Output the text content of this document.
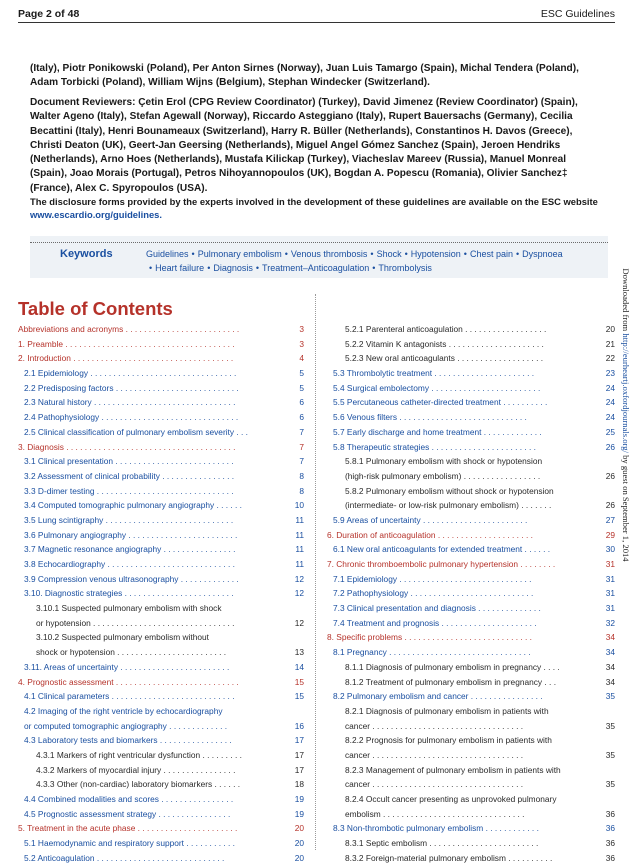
Page 2 of 48	ESC Guidelines
(Italy), Piotr Ponikowski (Poland), Per Anton Sirnes (Norway), Juan Luis Tamargo (Spain), Michal Tendera (Poland), Adam Torbicki (Poland), William Wijns (Belgium), Stephan Windecker (Switzerland).
Document Reviewers: Çetin Erol (CPG Review Coordinator) (Turkey), David Jimenez (Review Coordinator) (Spain), Walter Ageno (Italy), Stefan Agewall (Norway), Riccardo Asteggiano (Italy), Rupert Bauersachs (Germany), Cecilia Becattini (Italy), Henri Bounameaux (Switzerland), Harry R. Büller (Netherlands), Constantinos H. Davos (Greece), Christi Deaton (UK), Geert-Jan Geersing (Netherlands), Miguel Angel Gómez Sanchez (Spain), Jeroen Hendriks (Netherlands), Arno Hoes (Netherlands), Mustafa Kilickap (Turkey), Viacheslav Mareev (Russia), Manuel Monreal (Spain), Joao Morais (Portugal), Petros Nihoyannopoulos (UK), Bogdan A. Popescu (Romania), Olivier Sanchez‡ (France), Alex C. Spyropoulos (USA).
The disclosure forms provided by the experts involved in the development of these guidelines are available on the ESC website www.escardio.org/guidelines.
Keywords	Guidelines • Pulmonary embolism • Venous thrombosis • Shock • Hypotension • Chest pain • Dyspnoea
• Heart failure • Diagnosis • Treatment–Anticoagulation • Thrombolysis
Table of Contents
Abbreviations and acronyms . . . . . . . . . . . . . . . . . . . . . . . . .	3
1. Preamble . . . . . . . . . . . . . . . . . . . . . . . . . . . . . . . . . . . . .	3
2. Introduction . . . . . . . . . . . . . . . . . . . . . . . . . . . . . . . . . . .	4
2.1 Epidemiology . . . . . . . . . . . . . . . . . . . . . . . . . . . . . . . .	5
2.2 Predisposing factors . . . . . . . . . . . . . . . . . . . . . . . . . . .	5
2.3 Natural history . . . . . . . . . . . . . . . . . . . . . . . . . . . . . . .	6
2.4 Pathophysiology . . . . . . . . . . . . . . . . . . . . . . . . . . . . . .	6
2.5 Clinical classification of pulmonary embolism severity . . .	7
3. Diagnosis . . . . . . . . . . . . . . . . . . . . . . . . . . . . . . . . . . . . .	7
3.1 Clinical presentation . . . . . . . . . . . . . . . . . . . . . . . . . .	7
3.2 Assessment of clinical probability . . . . . . . . . . . . . . . .	8
3.3 D-dimer testing . . . . . . . . . . . . . . . . . . . . . . . . . . . . . .	8
3.4 Computed tomographic pulmonary angiography . . . . . .	10
3.5 Lung scintigraphy . . . . . . . . . . . . . . . . . . . . . . . . . . . .	11
3.6 Pulmonary angiography . . . . . . . . . . . . . . . . . . . . . . . .	11
3.7 Magnetic resonance angiography . . . . . . . . . . . . . . . .	11
3.8 Echocardiography . . . . . . . . . . . . . . . . . . . . . . . . . . . .	11
3.9 Compression venous ultrasonography . . . . . . . . . . . . .	12
3.10. Diagnostic strategies . . . . . . . . . . . . . . . . . . . . . . . .	12
3.10.1 Suspected pulmonary embolism with shock
or hypotension . . . . . . . . . . . . . . . . . . . . . . . . . . . . . . .	12
3.10.2 Suspected pulmonary embolism without
shock or hypotension . . . . . . . . . . . . . . . . . . . . . . . .	13
3.11. Areas of uncertainty . . . . . . . . . . . . . . . . . . . . . . . .	14
4. Prognostic assessment . . . . . . . . . . . . . . . . . . . . . . . . . . .	15
4.1 Clinical parameters . . . . . . . . . . . . . . . . . . . . . . . . . . .	15
4.2 Imaging of the right ventricle by echocardiography
or computed tomographic angiography . . . . . . . . . . . . .	16
4.3 Laboratory tests and biomarkers . . . . . . . . . . . . . . . .	17
4.3.1 Markers of right ventricular dysfunction . . . . . . . . .	17
4.3.2 Markers of myocardial injury . . . . . . . . . . . . . . . .	17
4.3.3 Other (non-cardiac) laboratory biomarkers . . . . . .	18
4.4 Combined modalities and scores . . . . . . . . . . . . . . . .	19
4.5 Prognostic assessment strategy . . . . . . . . . . . . . . . .	19
5. Treatment in the acute phase . . . . . . . . . . . . . . . . . . . . . .	20
5.1 Haemodynamic and respiratory support . . . . . . . . . . .	20
5.2 Anticoagulation . . . . . . . . . . . . . . . . . . . . . . . . . . . .	20
5.2.1 Parenteral anticoagulation . . . . . . . . . . . . . . . . . .	20
5.2.2 Vitamin K antagonists . . . . . . . . . . . . . . . . . . . . .	21
5.2.3 New oral anticoagulants . . . . . . . . . . . . . . . . . . .	22
5.3 Thrombolytic treatment . . . . . . . . . . . . . . . . . . . . . .	23
5.4 Surgical embolectomy . . . . . . . . . . . . . . . . . . . . . . . .	24
5.5 Percutaneous catheter-directed treatment . . . . . . . . . .	24
5.6 Venous filters . . . . . . . . . . . . . . . . . . . . . . . . . . . .	24
5.7 Early discharge and home treatment . . . . . . . . . . . . .	25
5.8 Therapeutic strategies . . . . . . . . . . . . . . . . . . . . . . .	26
5.8.1 Pulmonary embolism with shock or hypotension
(high-risk pulmonary embolism) . . . . . . . . . . . . . . . . .	26
5.8.2 Pulmonary embolism without shock or hypotension
(intermediate- or low-risk pulmonary embolism) . . . . . . .	26
5.9 Areas of uncertainty . . . . . . . . . . . . . . . . . . . . . . .	27
6. Duration of anticoagulation . . . . . . . . . . . . . . . . . . . . .	29
6.1 New oral anticoagulants for extended treatment . . . . . .	30
7. Chronic thromboembolic pulmonary hypertension . . . . . . . .	31
7.1 Epidemiology . . . . . . . . . . . . . . . . . . . . . . . . . . . . .	31
7.2 Pathophysiology . . . . . . . . . . . . . . . . . . . . . . . . . . .	31
7.3 Clinical presentation and diagnosis . . . . . . . . . . . . . .	31
7.4 Treatment and prognosis . . . . . . . . . . . . . . . . . . . . .	32
8. Specific problems . . . . . . . . . . . . . . . . . . . . . . . . . . . .	34
8.1 Pregnancy . . . . . . . . . . . . . . . . . . . . . . . . . . . . . . .	34
8.1.1 Diagnosis of pulmonary embolism in pregnancy . . . .	34
8.1.2 Treatment of pulmonary embolism in pregnancy . . .	34
8.2 Pulmonary embolism and cancer . . . . . . . . . . . . . . . .	35
8.2.1 Diagnosis of pulmonary embolism in patients with
cancer . . . . . . . . . . . . . . . . . . . . . . . . . . . . . . . . .	35
8.2.2 Prognosis for pulmonary embolism in patients with
cancer . . . . . . . . . . . . . . . . . . . . . . . . . . . . . . . . .	35
8.2.3 Management of pulmonary embolism in patients with
cancer . . . . . . . . . . . . . . . . . . . . . . . . . . . . . . . . .	35
8.2.4 Occult cancer presenting as unprovoked pulmonary
embolism . . . . . . . . . . . . . . . . . . . . . . . . . . . . . . .	36
8.3 Non-thrombotic pulmonary embolism . . . . . . . . . . . .	36
8.3.1 Septic embolism . . . . . . . . . . . . . . . . . . . . . . . .	36
8.3.2 Foreign-material pulmonary embolism . . . . . . . . . .	36
Downloaded from http://eurheartj.oxfordjournals.org/ by guest on September 1, 2014
